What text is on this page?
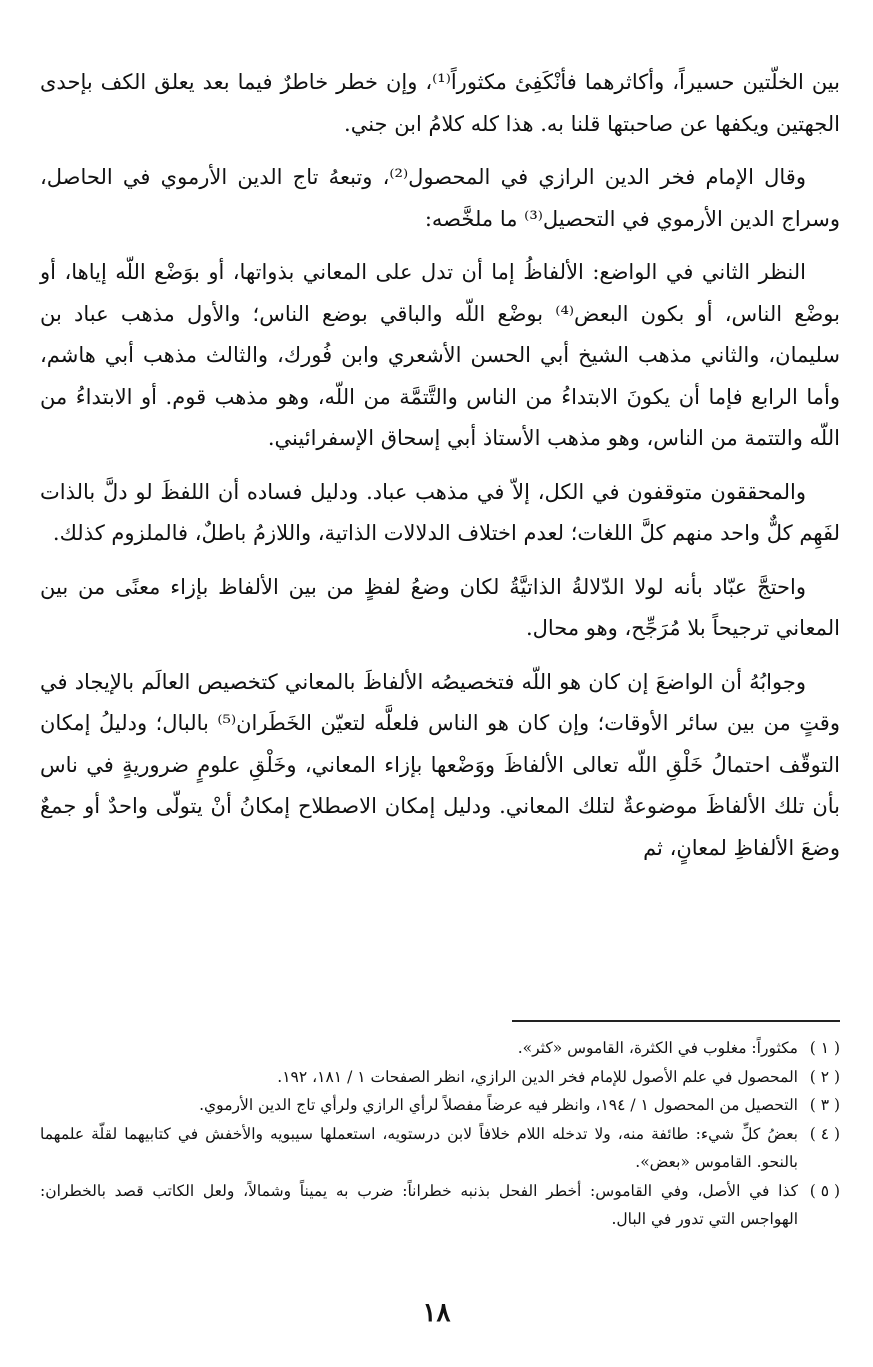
بين الخلّتين حسيراً، وأكاثرهما فأنْكَفِئ مكثوراً⁽¹⁾، وإن خطر خاطرٌ فيما بعد يعلق الكف بإحدى الجهتين ويكفها عن صاحبتها قلنا به. هذا كله كلامُ ابن جني.

وقال الإمام فخر الدين الرازي في المحصول⁽²⁾، وتبعهُ تاج الدين الأرموي في الحاصل، وسراج الدين الأرموي في التحصيل⁽³⁾ ما ملخَّصه:

النظر الثاني في الواضع: الألفاظُ إما أن تدل على المعاني بذواتها، أو بوَضْع اللّه إياها، أو بوضْع الناس، أو بكون البعض⁽⁴⁾ بوضْع اللّه والباقي بوضع الناس؛ والأول مذهب عباد بن سليمان، والثاني مذهب الشيخ أبي الحسن الأشعري وابن فُورك، والثالث مذهب أبي هاشم، وأما الرابع فإما أن يكونَ الابتداءُ من الناس والتَّتمَّة من اللّه، وهو مذهب قوم. أو الابتداءُ من اللّه والتتمة من الناس، وهو مذهب الأستاذ أبي إسحاق الإسفرائيني.

والمحققون متوقفون في الكل، إلاّ في مذهب عباد. ودليل فساده أن اللفظَ لو دلَّ بالذات لفَهِم كلٌّ واحد منهم كلَّ اللغات؛ لعدم اختلاف الدلالات الذاتية، واللازمُ باطلٌ، فالملزوم كذلك.

واحتجَّ عبّاد بأنه لولا الدّلالةُ الذاتيَّةُ لكان وضعُ لفظٍ من بين الألفاظ بإزاء معنًى من بين المعاني ترجيحاً بلا مُرَجِّح، وهو محال.

وجوابُهُ أن الواضعَ إن كان هو اللّه فتخصيصُه الألفاظَ بالمعاني كتخصيص العالَم بالإيجاد في وقتٍ من بين سائر الأوقات؛ وإن كان هو الناس فلعلَّه لتعيّن الخَطَران⁽⁵⁾ بالبال؛ ودليلُ إمكان التوقّف احتمالُ خَلْقِ اللّه تعالى الألفاظَ ووَضْعها بإزاء المعاني، وخَلْقِ علومٍ ضروريةٍ في ناس بأن تلك الألفاظَ موضوعةٌ لتلك المعاني. ودليل إمكان الاصطلاح إمكانُ أنْ يتولّى واحدٌ أو جمعٌ وضعَ الألفاظِ لمعانٍ، ثم

( ١ )
مكثوراً: مغلوب في الكثرة، القاموس «كثر».
( ٢ )
المحصول في علم الأصول للإمام فخر الدين الرازي، انظر الصفحات ١ / ١٨١، ١٩٢.
( ٣ )
التحصيل من المحصول ١ / ١٩٤، وانظر فيه عرضاً مفصلاً لرأي الرازي ولرأي تاج الدين الأرموي.
( ٤ )
بعضُ كلِّ شيء: طائفة منه، ولا تدخله اللام خلافاً لابن درستويه، استعملها سيبويه والأخفش في كتابيهما لقلّة علمهما بالنحو. القاموس «بعض».
( ٥ )
كذا في الأصل، وفي القاموس: أخطر الفحل بذنبه خطراناً: ضرب به يميناً وشمالاً، ولعل الكاتب قصد بالخطران: الهواجس التي تدور في البال.
١٨
